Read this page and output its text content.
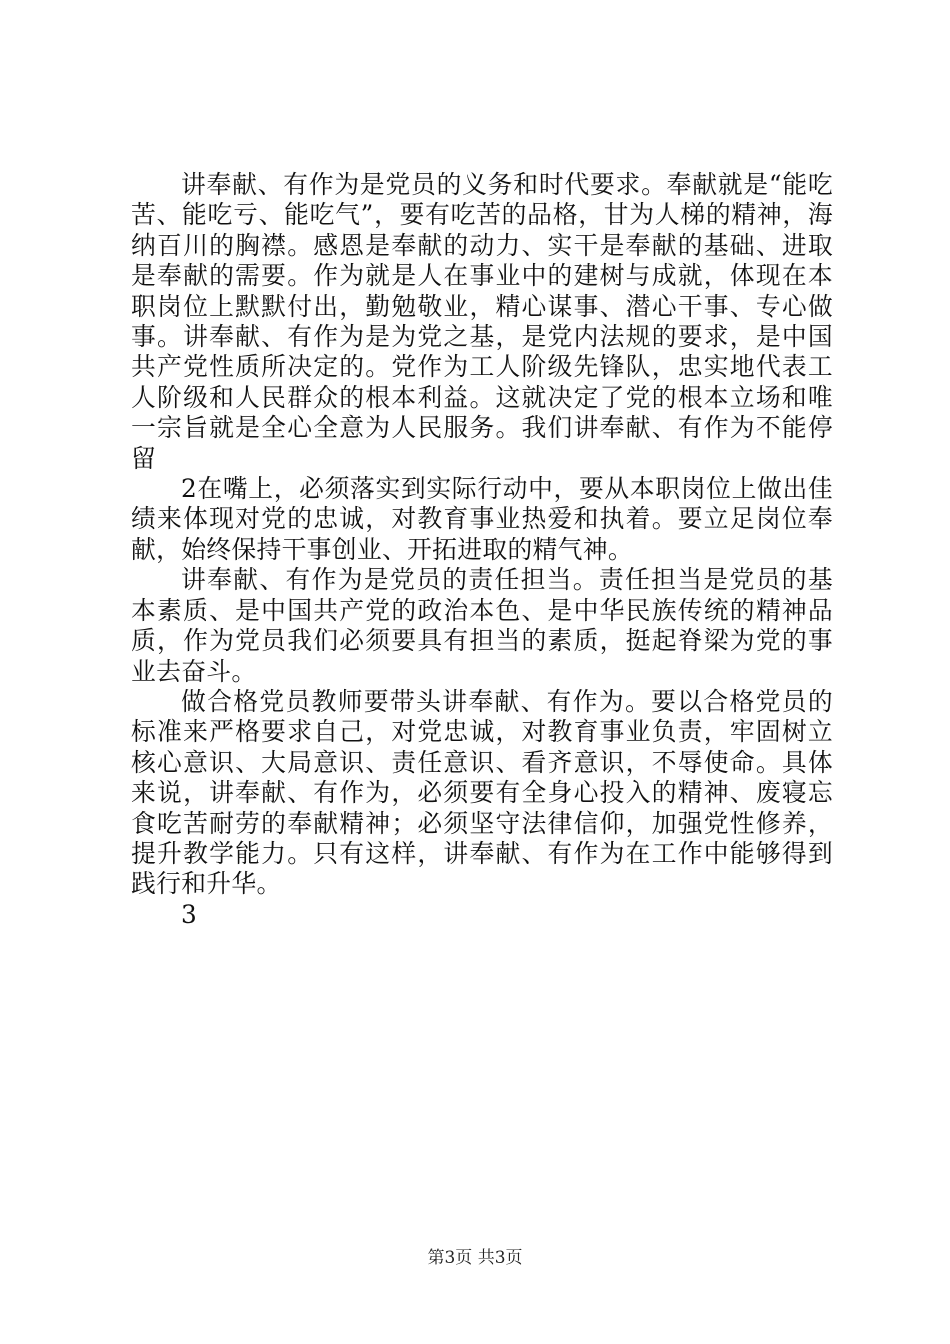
讲奉献、有作为是党员的义务和时代要求。奉献就是“能吃苦、能吃亏、能吃气”，要有吃苦的品格，甘为人梯的精神，海纳百川的胸襟。感恩是奉献的动力、实干是奉献的基础、进取是奉献的需要。作为就是人在事业中的建树与成就，体现在本职岗位上默默付出，勤勉敬业，精心谋事、潜心干事、专心做事。讲奉献、有作为是为党之基，是党内法规的要求，是中国共产党性质所决定的。党作为工人阶级先锋队，忠实地代表工人阶级和人民群众的根本利益。这就决定了党的根本立场和唯一宗旨就是全心全意为人民服务。我们讲奉献、有作为不能停留

2在嘴上，必须落实到实际行动中，要从本职岗位上做出佳绩来体现对党的忠诚，对教育事业热爱和执着。要立足岗位奉献，始终保持干事创业、开拓进取的精气神。

讲奉献、有作为是党员的责任担当。责任担当是党员的基本素质、是中国共产党的政治本色、是中华民族传统的精神品质，作为党员我们必须要具有担当的素质，挺起脊梁为党的事业去奋斗。

做合格党员教师要带头讲奉献、有作为。要以合格党员的标准来严格要求自己，对党忠诚，对教育事业负责，牢固树立核心意识、大局意识、责任意识、看齐意识，不辱使命。具体来说，讲奉献、有作为，必须要有全身心投入的精神、废寝忘食吃苦耐劳的奉献精神；必须坚守法律信仰，加强党性修养，提升教学能力。只有这样，讲奉献、有作为在工作中能够得到践行和升华。

3

第3页 共3页
